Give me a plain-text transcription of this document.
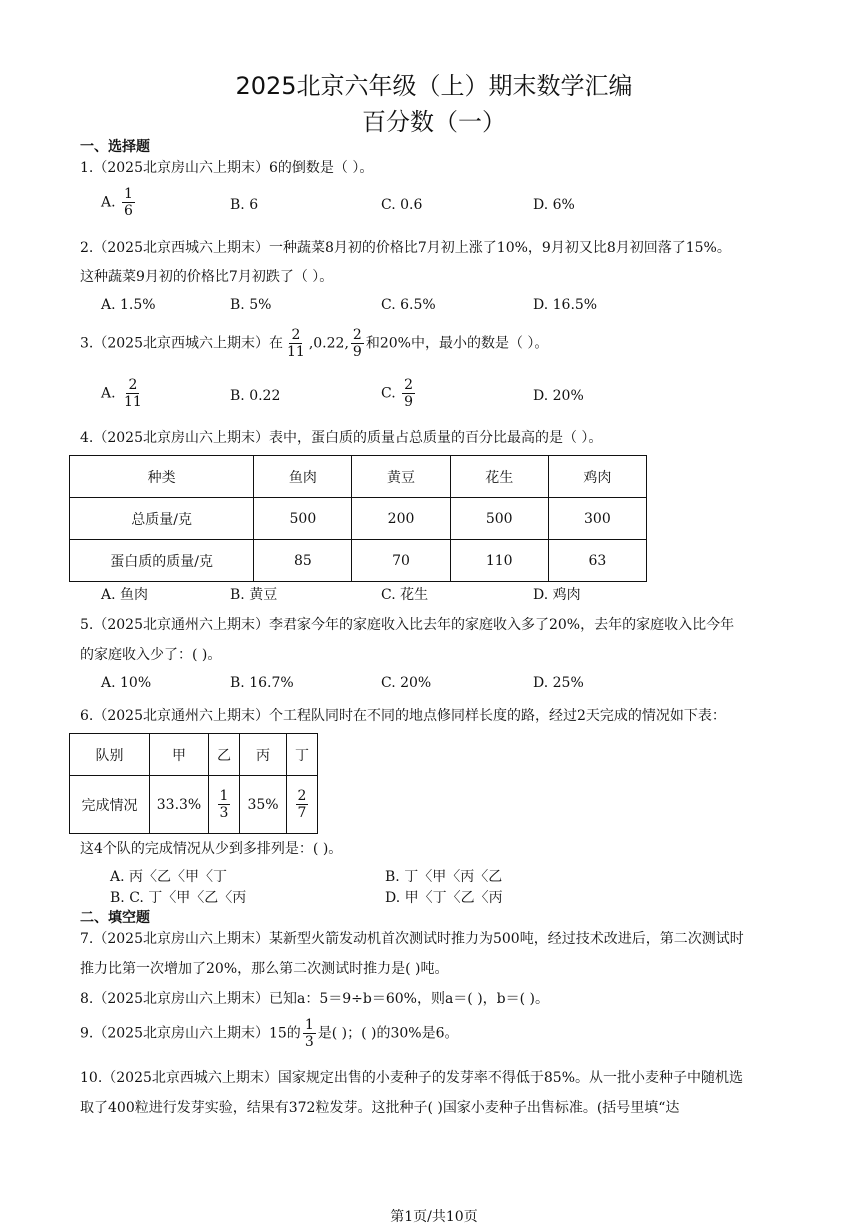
2025北京六年级（上）期末数学汇编
百分数（一）
一、选择题
1.（2025北京房山六上期末）6的倒数是（ ）。
A. $\frac{1}{6}$	B. 6	C. 0.6	D. 6%
2.（2025北京西城六上期末）一种蔬菜8月初的价格比7月初上涨了10%，9月初又比8月初回落了15%。
这种蔬菜9月初的价格比7月初跌了（ ）。
A. 1.5%	B. 5%	C. 6.5%	D. 16.5%
3.（2025北京西城六上期末）在 $\frac{2}{11} ,0.22$, $\frac{2}{9}$ 和20%中，最小的数是（ ）。
A. $\frac{2}{11}$	B. 0.22	C. $\frac{2}{9}$	D. 20%
4.（2025北京房山六上期末）表中，蛋白质的质量占总质量的百分比最高的是（ ）。
种类	鱼肉	黄豆	花生	鸡肉
总质量/克	500	200	500	300
蛋白质的质量/克	85	70	110	63
A. 鱼肉	B. 黄豆	C. 花生	D. 鸡肉
5.（2025北京通州六上期末）李君家今年的家庭收入比去年的家庭收入多了20%，去年的家庭收入比今年
的家庭收入少了：( )。
A. 10%	B. 16.7%	C. 20%	D. 25%
6.（2025北京通州六上期末）个工程队同时在不同的地点修同样长度的路，经过2天完成的情况如下表：
队别	甲	乙	丙	丁
完成情况	33.3%	$\frac{1}{3}$	35%	$\frac{2}{7}$
这4个队的完成情况从少到多排列是：( )。
A. 丙〈乙〈甲〈丁	B. 丁〈甲〈丙〈乙
B. C. 丁〈甲〈乙〈丙	D. 甲〈丁〈乙〈丙
二、填空题
7.（2025北京房山六上期末）某新型火箭发动机首次测试时推力为500吨，经过技术改进后，第二次测试时
推力比第一次增加了20%，那么第二次测试时推力是( )吨。
8.（2025北京房山六上期末）已知a：5＝9÷b＝60%，则a＝( )，b＝( )。
9.（2025北京房山六上期末）15的 $\frac{1}{3}$ 是( )；( )的30%是6。
10.（2025北京西城六上期末）国家规定出售的小麦种子的发芽率不得低于85%。从一批小麦种子中随机选
取了400粒进行发芽实验，结果有372粒发芽。这批种子( )国家小麦种子出售标准。(括号里填“达
第1页/共10页
